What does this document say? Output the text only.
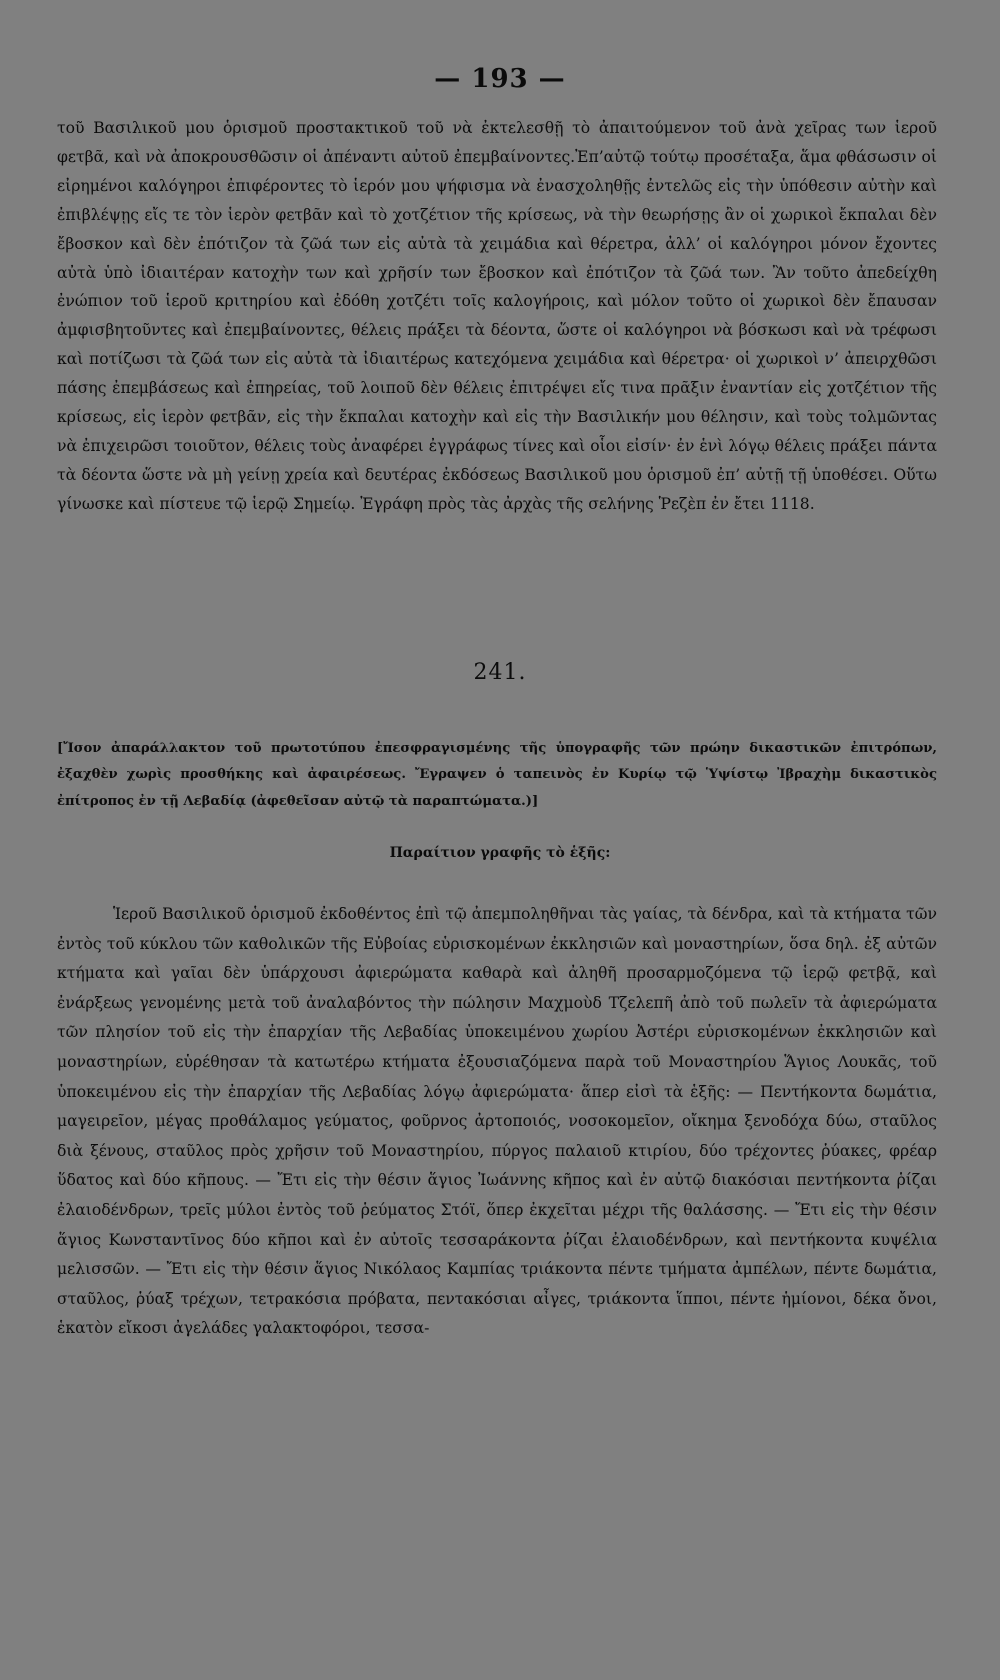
— 193 —

τοῦ Βασιλικοῦ μου ὁρισμοῦ προστακτικοῦ τοῦ νὰ ἐκτελεσθῇ τὸ ἀπαιτούμενον τοῦ ἀνὰ χεῖρας των ἱεροῦ φετβᾶ, καὶ νὰ ἀποκρουσθῶσιν οἱ ἀπέναντι αὐτοῦ ἐπεμβαίνοντες.Ἐπ’αὐτῷ τούτῳ προσέταξα, ἅμα φθάσωσιν οἱ εἰρημένοι καλόγηροι ἐπιφέροντες τὸ ἱερόν μου ψήφισμα νὰ ἐνασχοληθῇς ἐντελῶς εἰς τὴν ὑπόθεσιν αὐτὴν καὶ ἐπιβλέψῃς εἴς τε τὸν ἱερὸν φετβᾶν καὶ τὸ χοτζέτιον τῆς κρίσεως, νὰ τὴν θεωρήσῃς ἂν οἱ χωρικοὶ ἔκπαλαι δὲν ἔβοσκον καὶ δὲν ἐπότιζον τὰ ζῶά των εἰς αὐτὰ τὰ χειμάδια καὶ θέρετρα, ἀλλ’ οἱ καλόγηροι μόνον ἔχοντες αὐτὰ ὑπὸ ἰδιαιτέραν κατοχὴν των καὶ χρῆσίν των ἔβοσκον καὶ ἐπότιζον τὰ ζῶά των. Ἂν τοῦτο ἀπεδείχθη ἐνώπιον τοῦ ἱεροῦ κριτηρίου καὶ ἐδόθη χοτζέτι τοῖς καλογήροις, καὶ μόλον τοῦτο οἱ χωρικοὶ δὲν ἔπαυσαν ἀμφισβητοῦντες καὶ ἐπεμβαίνοντες, θέλεις πράξει τὰ δέοντα, ὥστε οἱ καλόγηροι νὰ βόσκωσι καὶ νὰ τρέφωσι καὶ ποτίζωσι τὰ ζῶά των εἰς αὐτὰ τὰ ἰδιαιτέρως κατεχόμενα χειμάδια καὶ θέρετρα· οἱ χωρικοὶ ν’ ἀπειρχθῶσι πάσης ἐπεμβάσεως καὶ ἐπηρείας, τοῦ λοιποῦ δὲν θέλεις ἐπιτρέψει εἴς τινα πρᾶξιν ἐναντίαν εἰς χοτζέτιον τῆς κρίσεως, εἰς ἱερὸν φετβᾶν, εἰς τὴν ἔκπαλαι κατοχὴν καὶ εἰς τὴν Βασιλικήν μου θέλησιν, καὶ τοὺς τολμῶντας νὰ ἐπιχειρῶσι τοιοῦτον, θέλεις τοὺς ἀναφέρει ἐγγράφως τίνες καὶ οἷοι εἰσίν· ἐν ἑνὶ λόγῳ θέλεις πράξει πάντα τὰ δέοντα ὥστε νὰ μὴ γείνῃ χρεία καὶ δευτέρας ἐκδόσεως Βασιλικοῦ μου ὁρισμοῦ ἐπ’ αὐτῇ τῇ ὑποθέσει. Οὕτω γίνωσκε καὶ πίστευε τῷ ἱερῷ Σημείῳ. Ἐγράφη πρὸς τὰς ἀρχὰς τῆς σελήνης Ῥεζὲπ ἐν ἔτει 1118.

241.

[Ἴσον ἀπαράλλακτον τοῦ πρωτοτύπου ἐπεσφραγισμένης τῆς ὑπογραφῆς τῶν πρώην δικαστικῶν ἐπιτρόπων, ἐξαχθὲν χωρὶς προσθήκης καὶ ἀφαιρέσεως. Ἔγραψεν ὁ ταπεινὸς ἐν Κυρίῳ τῷ Ὑψίστῳ Ἰβραχὴμ δικαστικὸς ἐπίτροπος ἐν τῇ Λεβαδίᾳ (ἀφεθεῖσαν αὐτῷ τὰ παραπτώματα.)]

Παραίτιον γραφῆς τὸ ἑξῆς:

Ἱεροῦ Βασιλικοῦ ὁρισμοῦ ἐκδοθέντος ἐπὶ τῷ ἀπεμποληθῆναι τὰς γαίας, τὰ δένδρα, καὶ τὰ κτήματα τῶν ἐντὸς τοῦ κύκλου τῶν καθολικῶν τῆς Εὐβοίας εὑρισκομένων ἐκκλησιῶν καὶ μοναστηρίων, ὅσα δηλ. ἐξ αὐτῶν κτήματα καὶ γαῖαι δὲν ὑπάρχουσι ἀφιερώματα καθαρὰ καὶ ἀληθῆ προσαρμοζόμενα τῷ ἱερῷ φετβᾷ, καὶ ἐνάρξεως γενομένης μετὰ τοῦ ἀναλαβόντος τὴν πώλησιν Μαχμοὺδ Τζελεπῆ ἀπὸ τοῦ πωλεῖν τὰ ἀφιερώματα τῶν πλησίον τοῦ εἰς τὴν ἐπαρχίαν τῆς Λεβαδίας ὑποκειμένου χωρίου Ἀστέρι εὑρισκομένων ἐκκλησιῶν καὶ μοναστηρίων, εὑρέθησαν τὰ κατωτέρω κτήματα ἐξουσιαζόμενα παρὰ τοῦ Μοναστηρίου Ἅγιος Λουκᾶς, τοῦ ὑποκειμένου εἰς τὴν ἐπαρχίαν τῆς Λεβαδίας λόγῳ ἀφιερώματα· ἅπερ εἰσὶ τὰ ἑξῆς: — Πεντήκοντα δωμάτια, μαγειρεῖον, μέγας προθάλαμος γεύματος, φοῦρνος ἀρτοποιός, νοσοκομεῖον, οἴκημα ξενοδόχα δύω, σταῦλος διὰ ξένους, σταῦλος πρὸς χρῆσιν τοῦ Μοναστηρίου, πύργος παλαιοῦ κτιρίου, δύο τρέχοντες ῥύακες, φρέαρ ὕδατος καὶ δύο κῆπους. — Ἔτι εἰς τὴν θέσιν ἅγιος Ἰωάννης κῆπος καὶ ἐν αὐτῷ διακόσιαι πεντήκοντα ῥίζαι ἐλαιοδένδρων, τρεῖς μύλοι ἐντὸς τοῦ ῥεύματος Στόϊ, ὅπερ ἐκχεῖται μέχρι τῆς θαλάσσης. — Ἔτι εἰς τὴν θέσιν ἅγιος Κωνσταντῖνος δύο κῆποι καὶ ἐν αὐτοῖς τεσσαράκοντα ῥίζαι ἐλαιοδένδρων, καὶ πεντήκοντα κυψέλια μελισσῶν. — Ἔτι εἰς τὴν θέσιν ἅγιος Νικόλαος Καμπίας τριάκοντα πέντε τμήματα ἀμπέλων, πέντε δωμάτια, σταῦλος, ῥύαξ τρέχων, τετρακόσια πρόβατα, πεντακόσιαι αἶγες, τριάκοντα ἵπποι, πέντε ἡμίονοι, δέκα ὄνοι, ἑκατὸν εἴκοσι ἀγελάδες γαλακτοφόροι, τεσσα-
